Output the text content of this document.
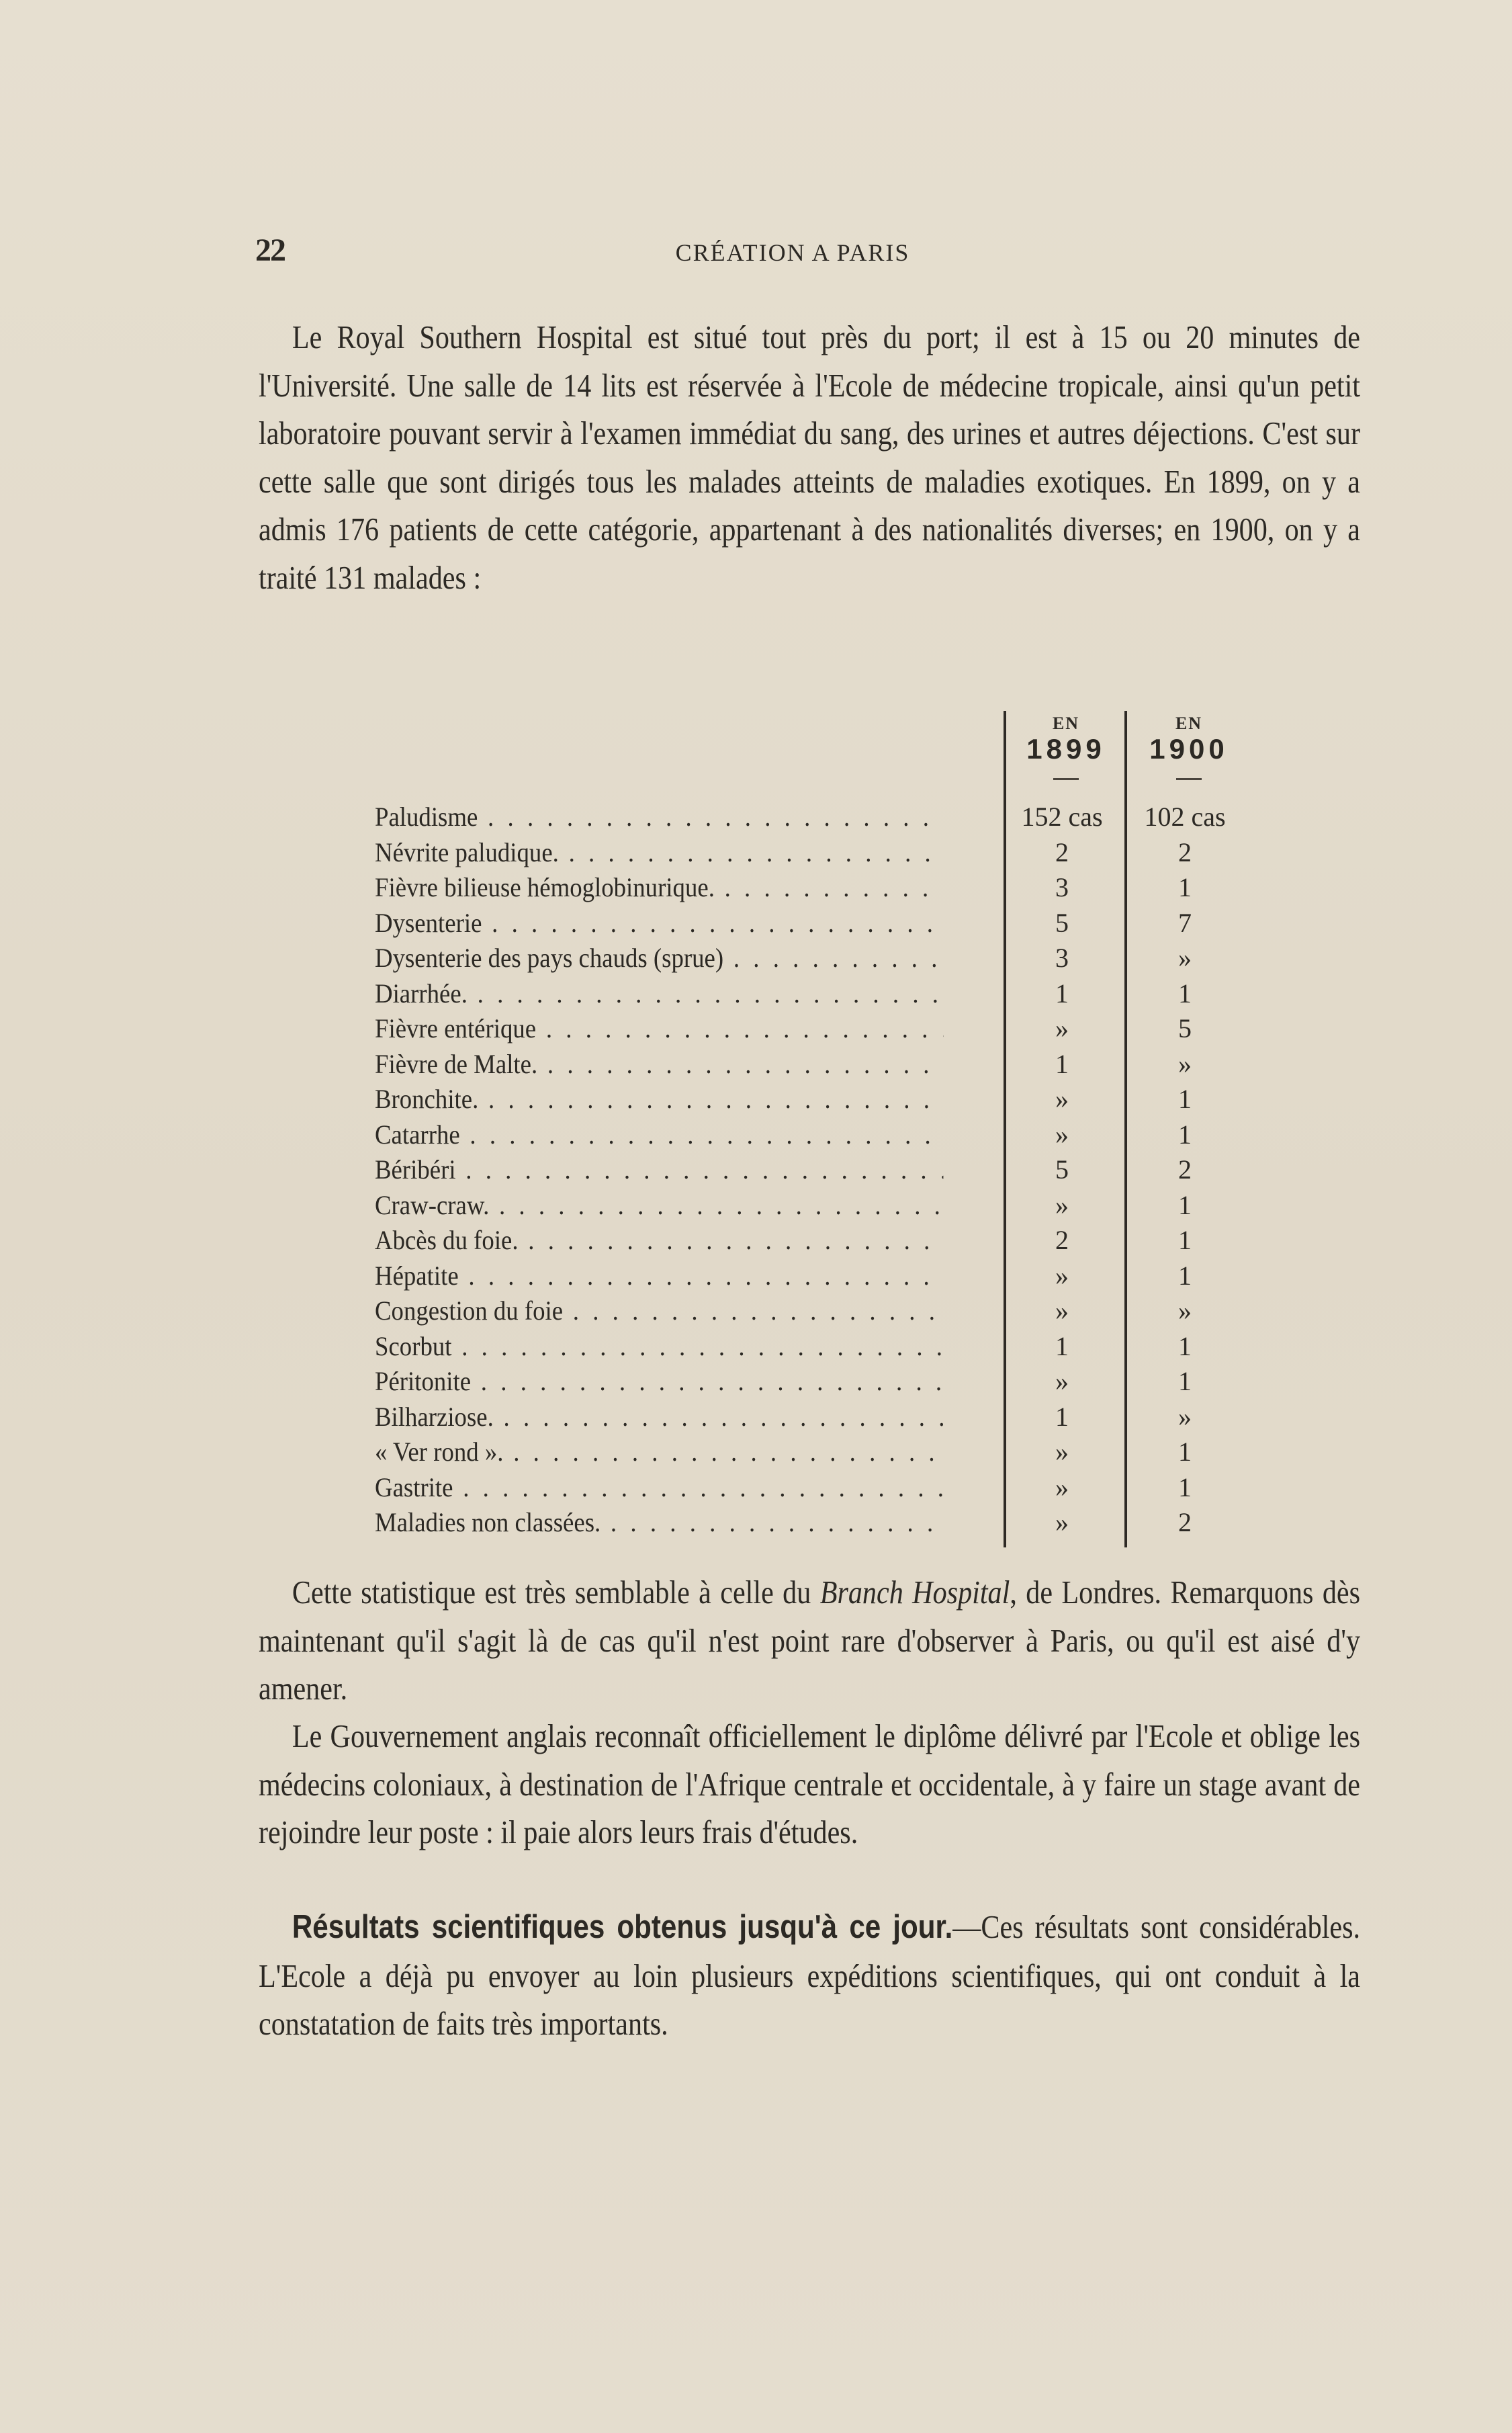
22	CRÉATION A PARIS
Le Royal Southern Hospital est situé tout près du port; il est à 15 ou 20 minutes de l'Université. Une salle de 14 lits est réservée à l'Ecole de médecine tropicale, ainsi qu'un petit laboratoire pouvant servir à l'examen immédiat du sang, des urines et autres déjections. C'est sur cette salle que sont dirigés tous les malades atteints de maladies exotiques. En 1899, on y a admis 176 patients de cette catégorie, appartenant à des nationalités diverses; en 1900, on y a traité 131 malades :
EN
1899
EN
1900
Paludisme . . .	152 cas	102 cas
Névrite paludique. . . .	2	2
Fièvre bilieuse hémoglobinurique. . . .	3	1
Dysenterie . . .	5	7
Dysenterie des pays chauds (sprue) . . .	3	»
Diarrhée. . . .	1	1
Fièvre entérique . . .	»	5
Fièvre de Malte. . . .	1	»
Bronchite. . . .	»	1
Catarrhe . . .	»	1
Béribéri . . .	5	2
Craw-craw. . . .	»	1
Abcès du foie. . . .	2	1
Hépatite . . .	»	1
Congestion du foie . . .	»	»
Scorbut . . .	1	1
Péritonite . . .	»	1
Bilharziose. . . .	1	»
« Ver rond ». . . .	»	1
Gastrite . . .	»	1
Maladies non classées. . . .	»	2
Cette statistique est très semblable à celle du Branch Hospital, de Londres. Remarquons dès maintenant qu'il s'agit là de cas qu'il n'est point rare d'observer à Paris, ou qu'il est aisé d'y amener.
Le Gouvernement anglais reconnaît officiellement le diplôme délivré par l'Ecole et oblige les médecins coloniaux, à destination de l'Afrique centrale et occidentale, à y faire un stage avant de rejoindre leur poste : il paie alors leurs frais d'études.
Résultats scientifiques obtenus jusqu'à ce jour.—Ces résultats sont considérables. L'Ecole a déjà pu envoyer au loin plusieurs expéditions scientifiques, qui ont conduit à la constatation de faits très importants.
